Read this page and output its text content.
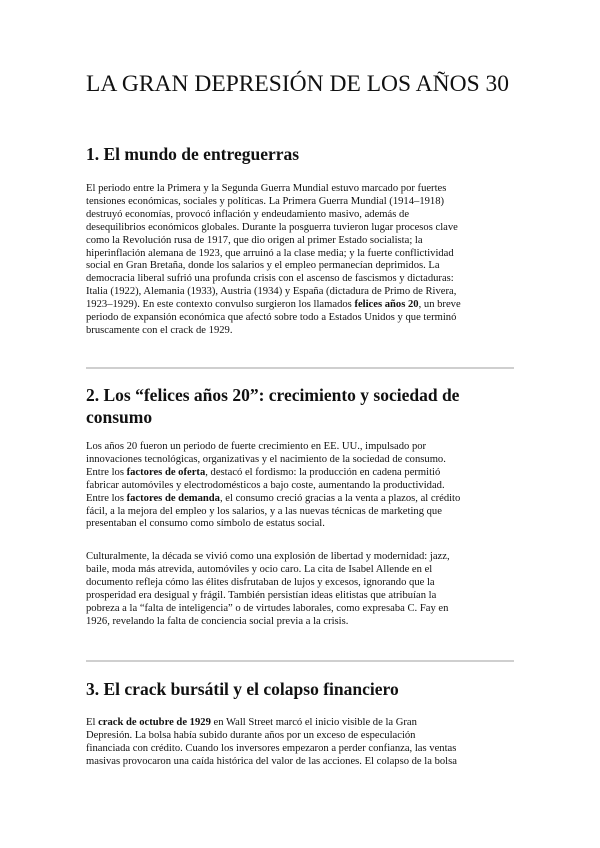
LA GRAN DEPRESIÓN DE LOS AÑOS 30
1. El mundo de entreguerras
El periodo entre la Primera y la Segunda Guerra Mundial estuvo marcado por fuertes
tensiones económicas, sociales y políticas. La Primera Guerra Mundial (1914–1918)
destruyó economías, provocó inflación y endeudamiento masivo, además de
desequilibrios económicos globales. Durante la posguerra tuvieron lugar procesos clave
como la Revolución rusa de 1917, que dio origen al primer Estado socialista; la
hiperinflación alemana de 1923, que arruinó a la clase media; y la fuerte conflictividad
social en Gran Bretaña, donde los salarios y el empleo permanecían deprimidos. La
democracia liberal sufrió una profunda crisis con el ascenso de fascismos y dictaduras:
Italia (1922), Alemania (1933), Austria (1934) y España (dictadura de Primo de Rivera,
1923–1929). En este contexto convulso surgieron los llamados felices años 20, un breve
periodo de expansión económica que afectó sobre todo a Estados Unidos y que terminó
bruscamente con el crack de 1929.
2. Los “felices años 20”: crecimiento y sociedad de
consumo
Los años 20 fueron un periodo de fuerte crecimiento en EE. UU., impulsado por
innovaciones tecnológicas, organizativas y el nacimiento de la sociedad de consumo.
Entre los factores de oferta, destacó el fordismo: la producción en cadena permitió
fabricar automóviles y electrodomésticos a bajo coste, aumentando la productividad.
Entre los factores de demanda, el consumo creció gracias a la venta a plazos, al crédito
fácil, a la mejora del empleo y los salarios, y a las nuevas técnicas de marketing que
presentaban el consumo como símbolo de estatus social.
Culturalmente, la década se vivió como una explosión de libertad y modernidad: jazz,
baile, moda más atrevida, automóviles y ocio caro. La cita de Isabel Allende en el
documento refleja cómo las élites disfrutaban de lujos y excesos, ignorando que la
prosperidad era desigual y frágil. También persistían ideas elitistas que atribuían la
pobreza a la “falta de inteligencia” o de virtudes laborales, como expresaba C. Fay en
1926, revelando la falta de conciencia social previa a la crisis.
3. El crack bursátil y el colapso financiero
El crack de octubre de 1929 en Wall Street marcó el inicio visible de la Gran
Depresión. La bolsa había subido durante años por un exceso de especulación
financiada con crédito. Cuando los inversores empezaron a perder confianza, las ventas
masivas provocaron una caída histórica del valor de las acciones. El colapso de la bolsa
